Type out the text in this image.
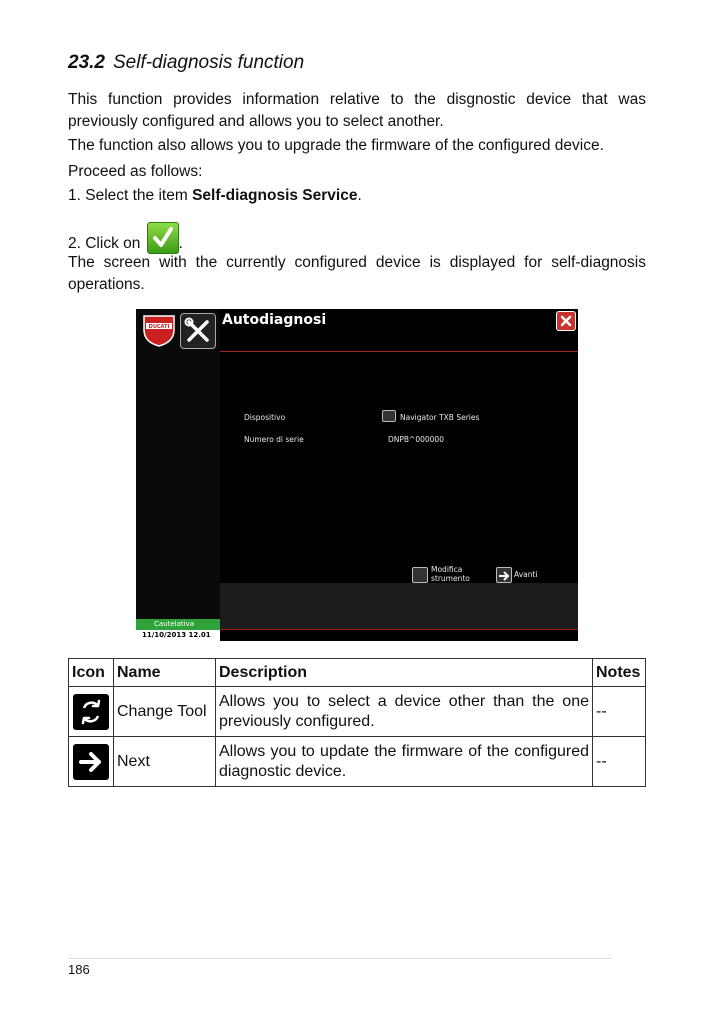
23.2 Self-diagnosis function

This function provides information relative to the disgnostic device that was previously configured and allows you to select another.

The function also allows you to upgrade the firmware of the configured device.

Proceed as follows:

1. Select the item Self-diagnosis Service.

2. Click on
.

The screen with the currently configured device is displayed for self-diagnosis operations.

DUCATI	Autodiagnosi
Dispositivo	Navigator TXB Series
Numero di serie	DNPB^000000
Modifica
strumento	Avanti
Cautelativa
11/10/2013 12.01
Icon	Name	Description	Notes

	Change Tool	Allows you to select a device other than the one previously configured.	--

	Next	Allows you to update the firmware of the configured diagnostic device.	--
186
